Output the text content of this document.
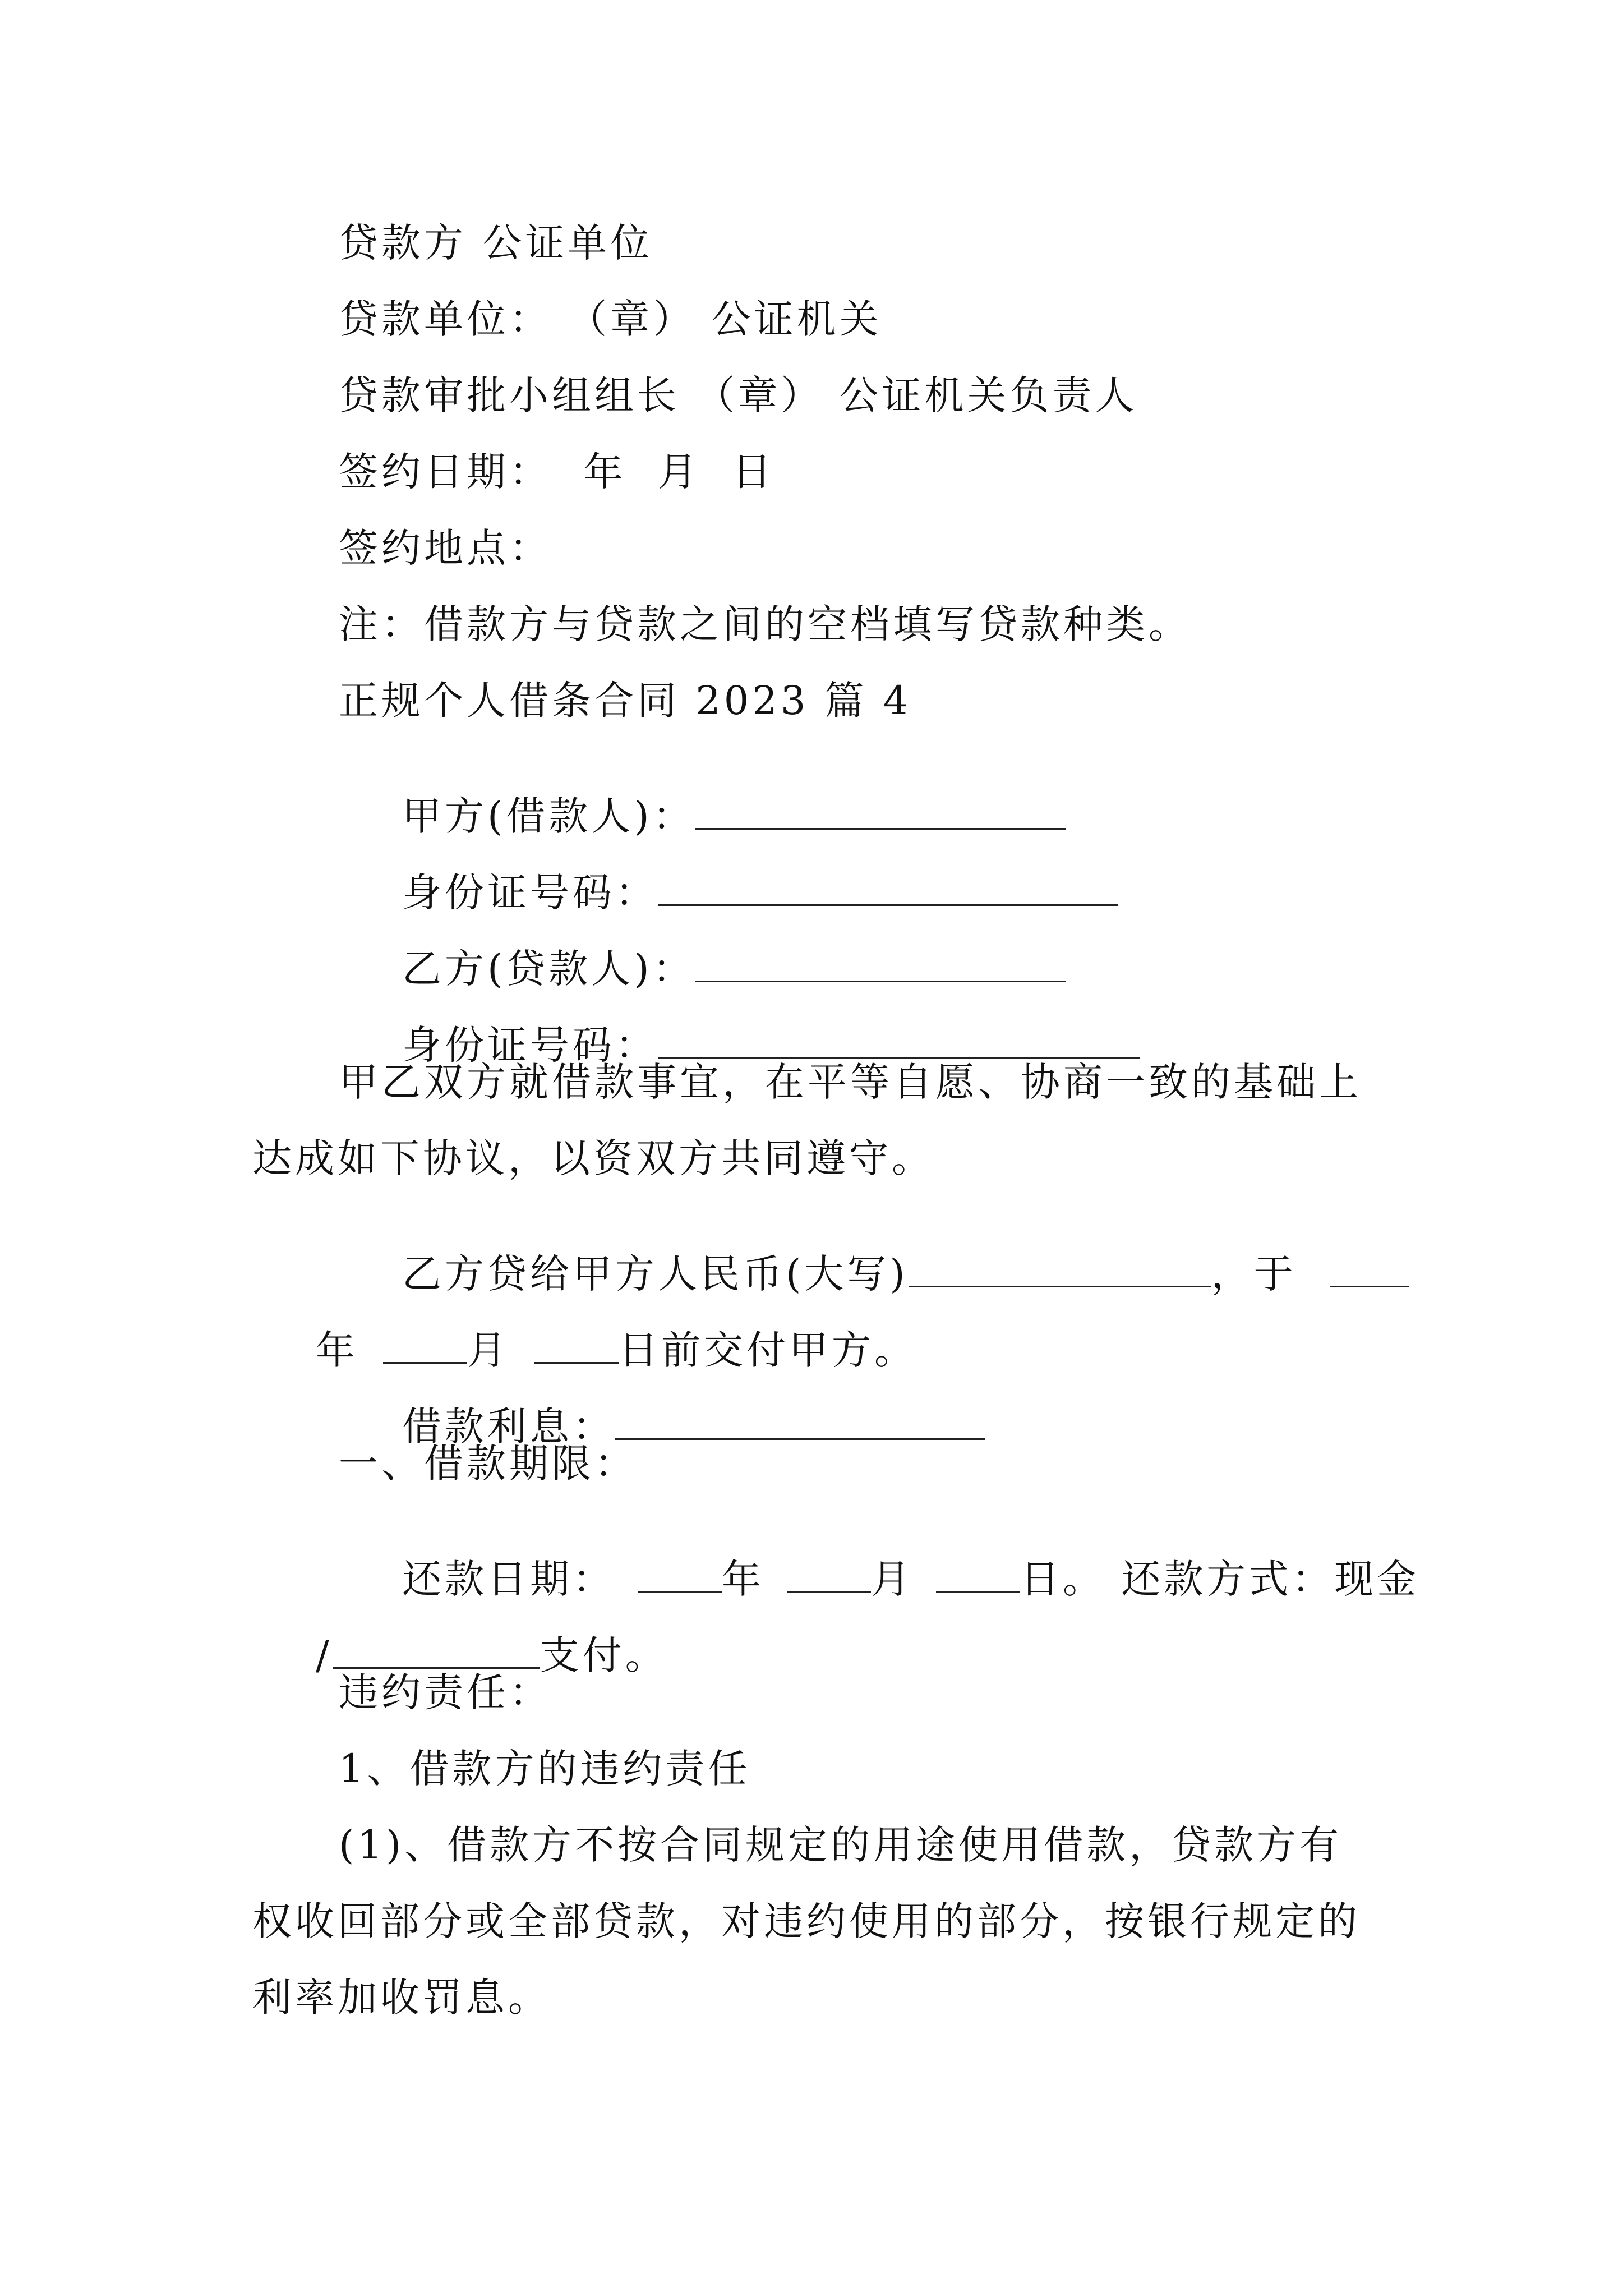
贷款方 公证单位
贷款单位： （章） 公证机关
贷款审批小组组长 （章） 公证机关负责人
签约日期：  年  月  日
签约地点：
注：借款方与贷款之间的空档填写贷款种类。
正规个人借条合同 2023 篇 4

甲方(借款人)：

身份证号码：

乙方(贷款人)：

身份证号码：

甲乙双方就借款事宜，在平等自愿、协商一致的基础上
达成如下协议，以资双方共同遵守。

乙方贷给甲方人民币(大写)	，于

年	月	日前交付甲方。

借款利息：

一、借款期限：

还款日期：	年	月	日。 还款方式：现金

/	支付。

违约责任：
1、借款方的违约责任
(1)、借款方不按合同规定的用途使用借款，贷款方有
权收回部分或全部贷款，对违约使用的部分，按银行规定的
利率加收罚息。
